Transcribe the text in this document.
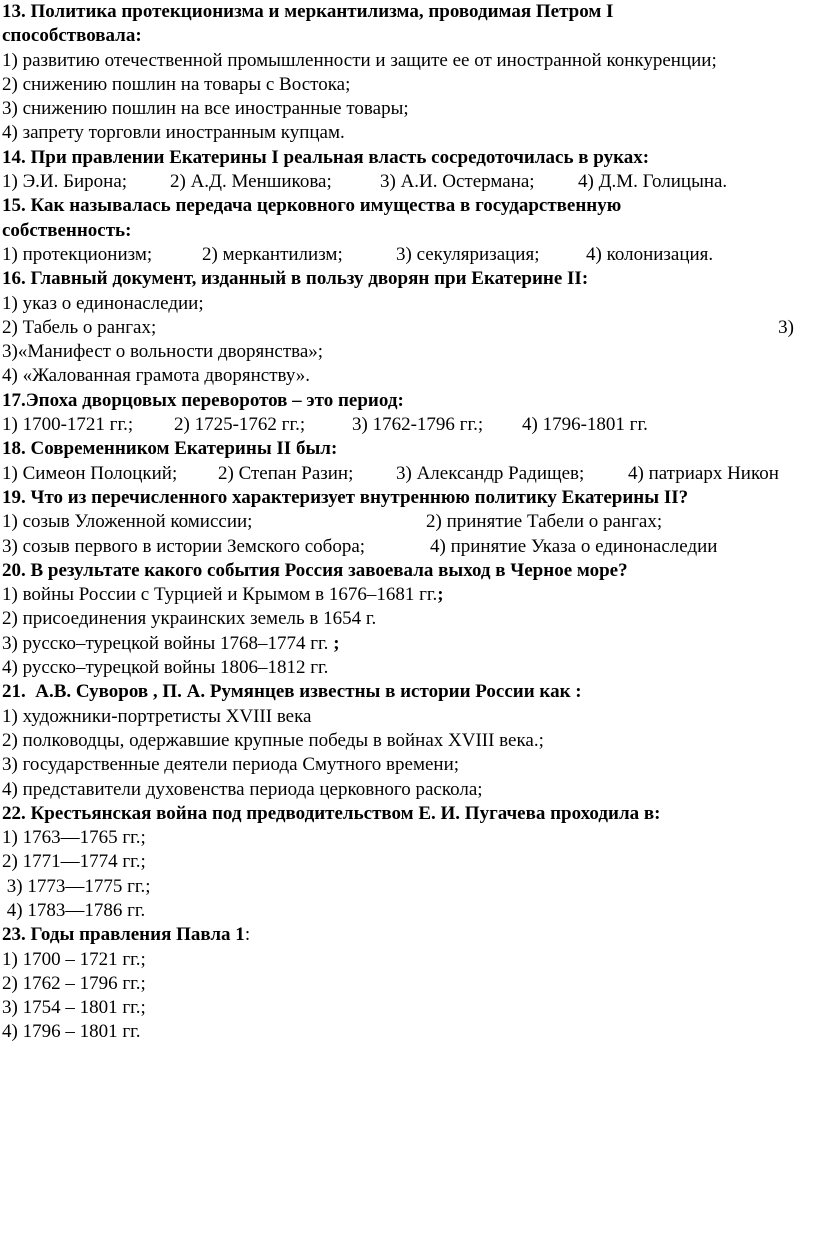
13. Политика протекционизма и меркантилизма, проводимая Петром I
способствовала:
1) развитию отечественной промышленности и защите ее от иностранной конкуренции;
2) снижению пошлин на товары с Востока;
3) снижению пошлин на все иностранные товары;
4) запрету торговли иностранным купцам.
14. При правлении Екатерины I реальная власть сосредоточилась в руках:
1) Э.И. Бирона;	2) А.Д. Меншикова;	3) А.И. Остермана;	4) Д.М. Голицына.
15. Как называлась передача церковного имущества в государственную
собственность:
1) протекционизм;	2) меркантилизм;	3) секуляризация;	4) колонизация.
16. Главный документ, изданный в пользу дворян при Екатерине II:
1) указ о единонаследии;
2) Табель о рангах;	3)
3)«Манифест о вольности дворянства»;
4) «Жалованная грамота дворянству».
17.Эпоха дворцовых переворотов – это период:
1) 1700-1721 гг.;	2) 1725-1762 гг.;	3) 1762-1796 гг.;	4) 1796-1801 гг.
18. Современником Екатерины II был:
1) Симеон Полоцкий;	2) Степан Разин;	3) Александр Радищев;	4) патриарх Никон
19. Что из перечисленного характеризует внутреннюю политику Екатерины II?
1) созыв Уложенной комиссии;	2) принятие Табели о рангах;
3) созыв первого в истории Земского собора;	4) принятие Указа о единонаследии
20. В результате какого события Россия завоевала выход в Черное море?
1) войны России с Турцией и Крымом в 1676–1681 гг.;
2) присоединения украинских земель в 1654 г.
3) русско–турецкой войны 1768–1774 гг. ;
4) русско–турецкой войны 1806–1812 гг.
21.  А.В. Суворов , П. А. Румянцев известны в истории России как :
1) художники-портретисты XVIII века
2) полководцы, одержавшие крупные победы в войнах XVIII века.;
3) государственные деятели периода Смутного времени;
4) представители духовенства периода церковного раскола;
22. Крестьянская война под предводительством Е. И. Пугачева проходила в:
1) 1763—1765 гг.;
2) 1771—1774 гг.;
3) 1773—1775 гг.;
4) 1783—1786 гг.
23. Годы правления Павла 1:
1) 1700 – 1721 гг.;
2) 1762 – 1796 гг.;
3) 1754 – 1801 гг.;
4) 1796 – 1801 гг.
